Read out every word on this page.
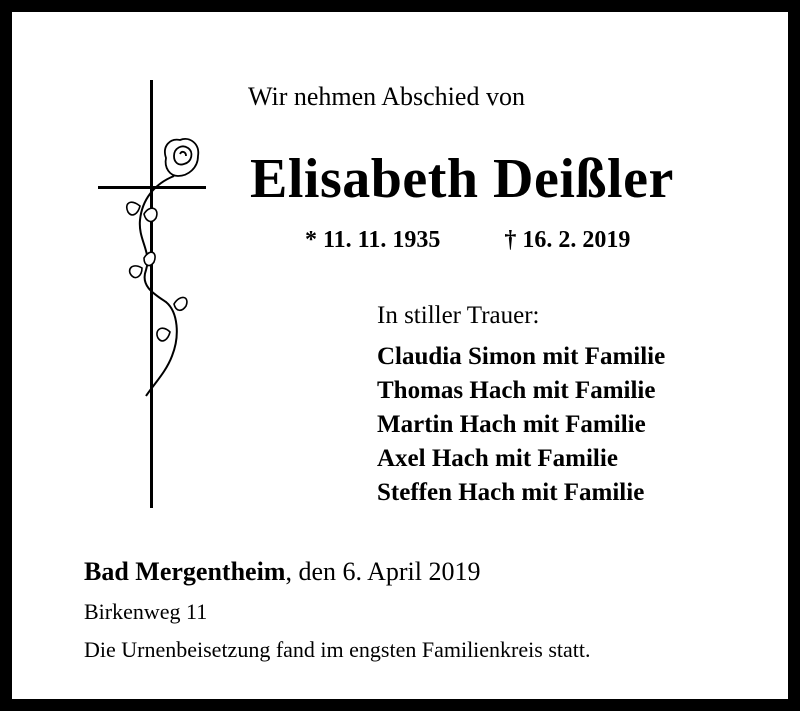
Wir nehmen Abschied von
Elisabeth Deißler
* 11. 11. 1935	† 16. 2. 2019
In stiller Trauer:
Claudia Simon mit Familie
Thomas Hach mit Familie
Martin Hach mit Familie
Axel Hach mit Familie
Steffen Hach mit Familie
Bad Mergentheim, den 6. April 2019
Birkenweg 11
Die Urnenbeisetzung fand im engsten Familienkreis statt.
